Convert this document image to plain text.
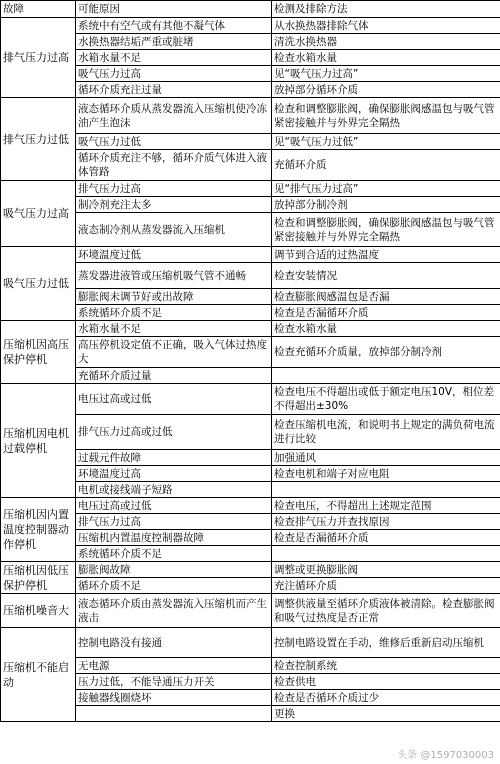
故障	可能原因	检测及排除方法
排气压力过高	系统中有空气或有其他不凝气体	从水换热器排除气体
	水换热器结垢严重或脏堵	清洗水换热器
	水箱水量不足	检查水箱水量
	吸气压力过高	见“吸气压力过高”
	循环介质充注过量	放掉部分循环介质
排气压力过低	液态循环介质从蒸发器流入压缩机使冷冻油产生泡沫	检查和调整膨胀阀，确保膨胀阀感温包与吸气管紧密接触并与外界完全隔热
	吸气压力过低	见“吸气压力过低”
	循环介质充注不够，循环介质气体进入液体管路	充循环介质
吸气压力过高	排气压力过高	见“排气压力过高”
	制冷剂充注太多	放掉部分制冷剂
	液态制冷剂从蒸发器流入压缩机	检查和调整膨胀阀，确保膨胀阀感温包与吸气管紧密接触并与外界完全隔热
吸气压力过低	环境温度过低	调节到合适的过热温度
	蒸发器进液管或压缩机吸气管不通畅	检查安装情况
	膨胀阀未调节好或出故障	检查膨胀阀感温包是否漏
	系统循环介质不足	检查是否漏循环介质
压缩机因高压保护停机	水箱水量不足	检查水箱水量
	高压停机设定值不正确，吸入气体过热度大	检查充循环介质量，放掉部分制冷剂
	充循环介质过量	
压缩机因电机过载停机	电压过高或过低	检查电压不得超出或低于额定电压10V，相位差不得超出±30%
	排气压力过高或过低	检查压缩机电流，和说明书上规定的满负荷电流进行比较
	过载元件故障	加强通风
	环境温度过高	检查电机和端子对应电阻
	电机或接线端子短路	
压缩机因内置温度控制器动作停机	电压过高或过低	检查电压，不得超出上述规定范围
	排气压力过高	检查排气压力并查找原因
	压缩机内置温度控制器故障	检查是否漏循环介质
	系统循环介质不足	
压缩机因低压保护停机	膨胀阀故障	调整或更换膨胀阀
	循环介质不足	充注循环介质
压缩机噪音大	液态循环介质由蒸发器流入压缩机而产生液击	调整供液量至循环介质液体被清除。检查膨胀阀和吸气过热度是否正常
压缩机不能启动	控制电路没有接通	控制电路设置在手动，维修后重新启动压缩机
	无电源	检查控制系统
	压力过低，不能导通压力开关	检查供电
	接触器线圈烧坏	检查是否循环介质过少
		更换
头条 @1597030003
